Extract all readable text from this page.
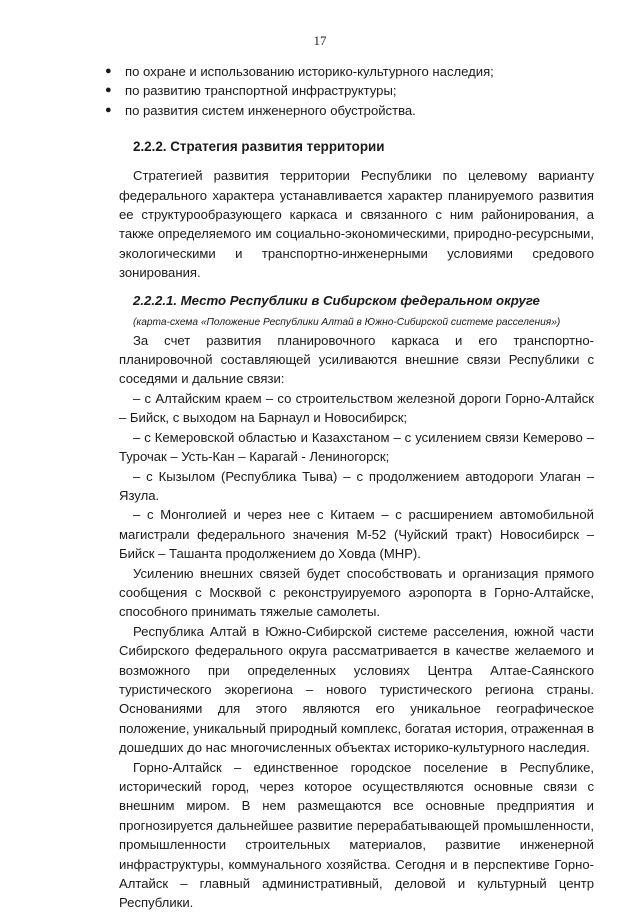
17
● по охране и использованию историко-культурного наследия;
● по развитию транспортной инфраструктуры;
● по развития систем инженерного обустройства.
2.2.2. Стратегия развития территории

Стратегией развития территории Республики по целевому варианту федерального характера устанавливается характер планируемого развития ее структурообразующего каркаса и связанного с ним районирования, а также определяемого им социально-экономическими, природно-ресурсными, экологическими и транспортно-инженерными условиями средового зонирования.

2.2.2.1. Место Республики в Сибирском федеральном округе
(карта-схема «Положение Республики Алтай в Южно-Сибирской системе расселения»)

За счет развития планировочного каркаса и его транспортно-планировочной составляющей усиливаются внешние связи Республики с соседями и дальние связи:

– с Алтайским краем – со строительством железной дороги Горно-Алтайск – Бийск, с выходом на Барнаул и Новосибирск;

– с Кемеровской областью и Казахстаном – с усилением связи Кемерово – Турочак – Усть-Кан – Карагай - Лениногорск;

– с Кызылом (Республика Тыва) – с продолжением автодороги Улаган – Язула.

– с Монголией и через нее с Китаем – с расширением автомобильной магистрали федерального значения М-52 (Чуйский тракт) Новосибирск – Бийск – Ташанта продолжением до Ховда (МНР).

Усилению внешних связей будет способствовать и организация прямого сообщения с Москвой с реконструируемого аэропорта в Горно-Алтайске, способного принимать тяжелые самолеты.

Республика Алтай в Южно-Сибирской системе расселения, южной части Сибирского федерального округа рассматривается в качестве желаемого и возможного при определенных условиях Центра Алтае-Саянского туристического экорегиона – нового туристического региона страны. Основаниями для этого являются его уникальное географическое положение, уникальный природный комплекс, богатая история, отраженная в дошедших до нас многочисленных объектах историко-культурного наследия.

Горно-Алтайск – единственное городское поселение в Республике, исторический город, через которое осуществляются основные связи с внешним миром. В нем размещаются все основные предприятия и прогнозируется дальнейшее развитие перерабатывающей промышленности, промышленности строительных материалов, развитие инженерной инфраструктуры, коммунального хозяйства. Сегодня и в перспективе Горно-Алтайск – главный административный, деловой и культурный центр Республики.
